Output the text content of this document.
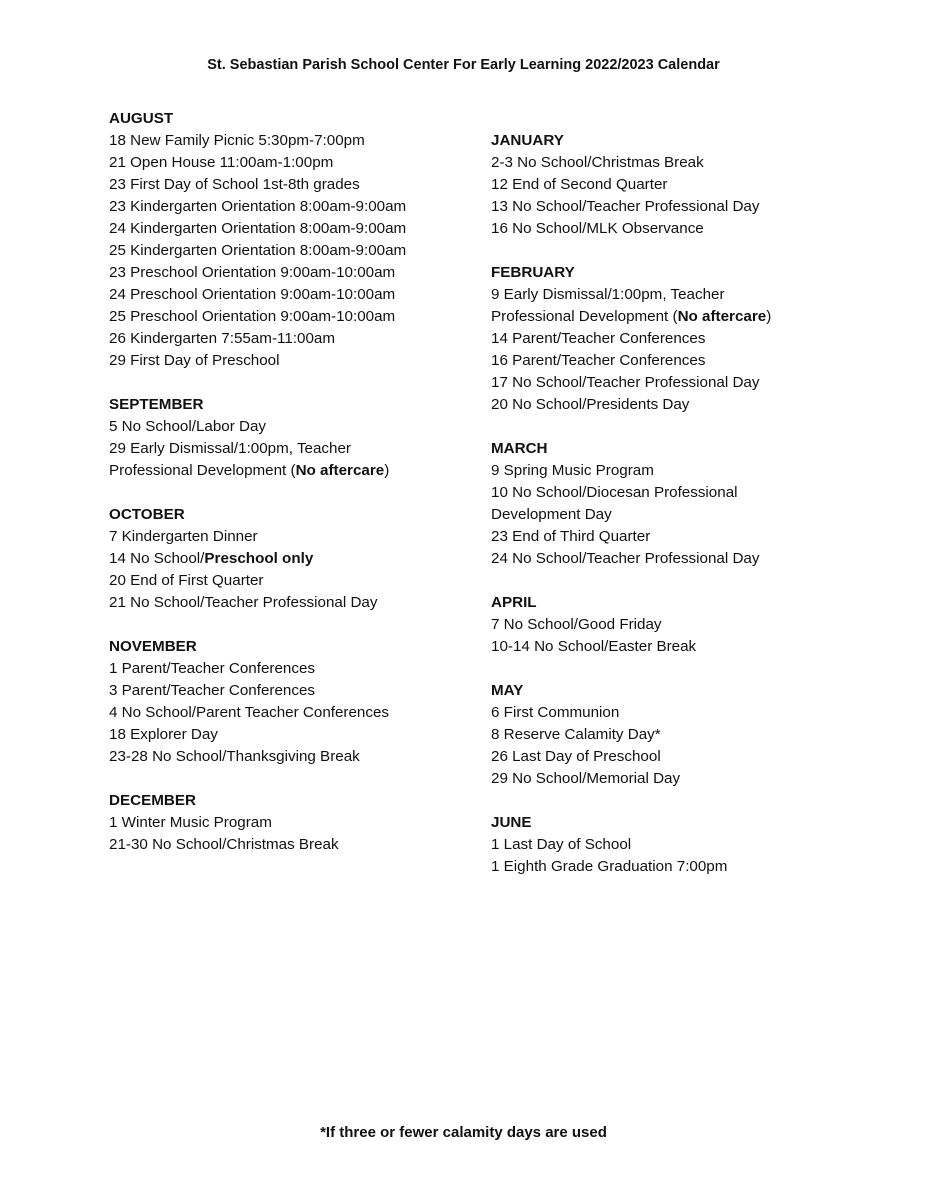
St. Sebastian Parish School Center For Early Learning 2022/2023 Calendar

AUGUST

18 New Family Picnic 5:30pm-7:00pm

21 Open House 11:00am-1:00pm

23 First Day of School 1st-8th grades

23 Kindergarten Orientation 8:00am-9:00am

24 Kindergarten Orientation 8:00am-9:00am

25 Kindergarten Orientation 8:00am-9:00am

23 Preschool Orientation 9:00am-10:00am

24 Preschool Orientation 9:00am-10:00am

25 Preschool Orientation 9:00am-10:00am

26 Kindergarten 7:55am-11:00am

29 First Day of Preschool

SEPTEMBER

5 No School/Labor Day

29 Early Dismissal/1:00pm, Teacher

Professional Development (No aftercare)

OCTOBER

7 Kindergarten Dinner

14 No School/Preschool only

20 End of First Quarter

21 No School/Teacher Professional Day

NOVEMBER

1 Parent/Teacher Conferences

3 Parent/Teacher Conferences

4 No School/Parent Teacher Conferences

18 Explorer Day

23-28 No School/Thanksgiving Break

DECEMBER

1 Winter Music Program

21-30 No School/Christmas Break

JANUARY

2-3 No School/Christmas Break

12 End of Second Quarter

13 No School/Teacher Professional Day

16 No School/MLK Observance

FEBRUARY

9 Early Dismissal/1:00pm, Teacher

Professional Development (No aftercare)

14 Parent/Teacher Conferences

16 Parent/Teacher Conferences

17 No School/Teacher Professional Day

20 No School/Presidents Day

MARCH

9 Spring Music Program

10 No School/Diocesan Professional

Development Day

23 End of Third Quarter

24 No School/Teacher Professional Day

APRIL

7 No School/Good Friday

10-14 No School/Easter Break

MAY

6 First Communion

8 Reserve Calamity Day*

26 Last Day of Preschool

29 No School/Memorial Day

JUNE

1 Last Day of School

1 Eighth Grade Graduation 7:00pm

*If three or fewer calamity days are used
